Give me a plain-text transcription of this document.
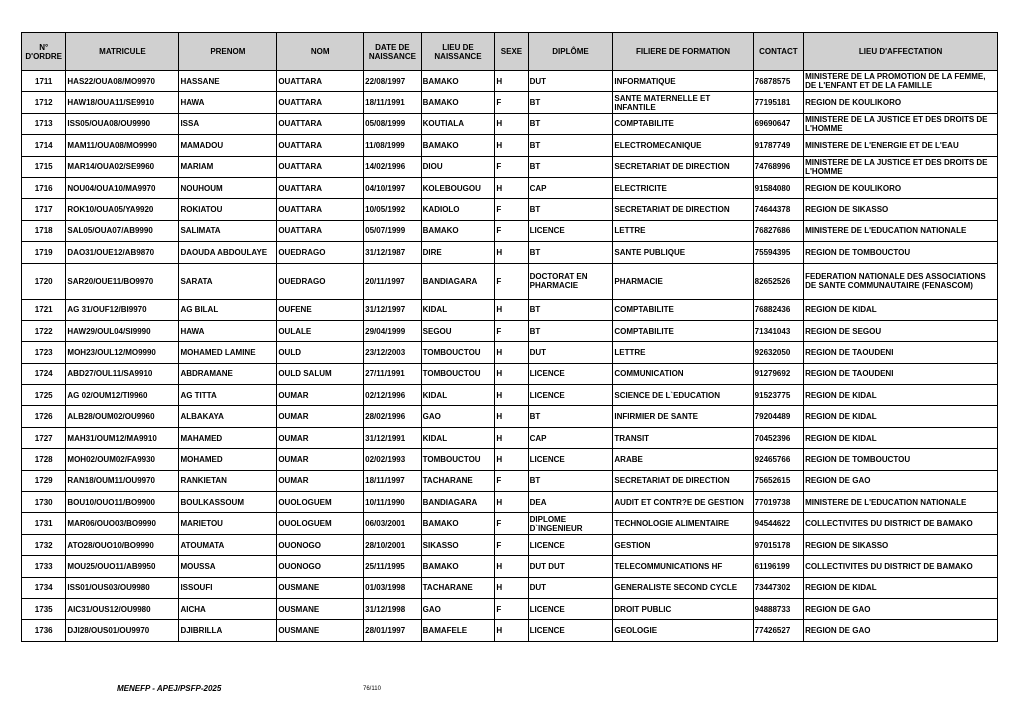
N° D'ORDRE	MATRICULE	PRENOM	NOM	DATE DE NAISSANCE	LIEU DE NAISSANCE	SEXE	DIPLÔME	FILIERE DE FORMATION	CONTACT	LIEU D'AFFECTATION
1711	HAS22/OUA08/MO9970	HASSANE	OUATTARA	22/08/1997	BAMAKO	H	DUT	INFORMATIQUE	76878575	MINISTERE DE LA PROMOTION DE LA FEMME, DE L'ENFANT ET DE LA FAMILLE
1712	HAW18/OUA11/SE9910	HAWA	OUATTARA	18/11/1991	BAMAKO	F	BT	SANTE MATERNELLE ET INFANTILE	77195181	REGION DE KOULIKORO
1713	ISS05/OUA08/OU9990	ISSA	OUATTARA	05/08/1999	KOUTIALA	H	BT	COMPTABILITE	69690647	MINISTERE DE LA JUSTICE ET DES DROITS DE L'HOMME
1714	MAM11/OUA08/MO9990	MAMADOU	OUATTARA	11/08/1999	BAMAKO	H	BT	ELECTROMECANIQUE	91787749	MINISTERE DE L'ENERGIE ET DE L'EAU
1715	MAR14/OUA02/SE9960	MARIAM	OUATTARA	14/02/1996	DIOU	F	BT	SECRETARIAT DE DIRECTION	74768996	MINISTERE DE LA JUSTICE ET DES DROITS DE L'HOMME
1716	NOU04/OUA10/MA9970	NOUHOUM	OUATTARA	04/10/1997	KOLEBOUGOU	H	CAP	ELECTRICITE	91584080	REGION DE KOULIKORO
1717	ROK10/OUA05/YA9920	ROKIATOU	OUATTARA	10/05/1992	KADIOLO	F	BT	SECRETARIAT DE DIRECTION	74644378	REGION DE SIKASSO
1718	SAL05/OUA07/AB9990	SALIMATA	OUATTARA	05/07/1999	BAMAKO	F	LICENCE	LETTRE	76827686	MINISTERE DE L'EDUCATION NATIONALE
1719	DAO31/OUE12/AB9870	DAOUDA ABDOULAYE	OUEDRAGO	31/12/1987	DIRE	H	BT	SANTE PUBLIQUE	75594395	REGION DE TOMBOUCTOU
1720	SAR20/OUE11/BO9970	SARATA	OUEDRAGO	20/11/1997	BANDIAGARA	F	DOCTORAT EN PHARMACIE	PHARMACIE	82652526	FEDERATION NATIONALE DES ASSOCIATIONS DE SANTE COMMUNAUTAIRE (FENASCOM)
1721	AG 31/OUF12/BI9970	AG BILAL	OUFENE	31/12/1997	KIDAL	H	BT	COMPTABILITE	76882436	REGION DE KIDAL
1722	HAW29/OUL04/SI9990	HAWA	OULALE	29/04/1999	SEGOU	F	BT	COMPTABILITE	71341043	REGION DE SEGOU
1723	MOH23/OUL12/MO9990	MOHAMED LAMINE	OULD	23/12/2003	TOMBOUCTOU	H	DUT	LETTRE	92632050	REGION DE TAOUDENI
1724	ABD27/OUL11/SA9910	ABDRAMANE	OULD SALUM	27/11/1991	TOMBOUCTOU	H	LICENCE	COMMUNICATION	91279692	REGION DE TAOUDENI
1725	AG 02/OUM12/TI9960	AG TITTA	OUMAR	02/12/1996	KIDAL	H	LICENCE	SCIENCE DE L`EDUCATION	91523775	REGION DE KIDAL
1726	ALB28/OUM02/OU9960	ALBAKAYA	OUMAR	28/02/1996	GAO	H	BT	INFIRMIER DE SANTE	79204489	REGION DE KIDAL
1727	MAH31/OUM12/MA9910	MAHAMED	OUMAR	31/12/1991	KIDAL	H	CAP	TRANSIT	70452396	REGION DE KIDAL
1728	MOH02/OUM02/FA9930	MOHAMED	OUMAR	02/02/1993	TOMBOUCTOU	H	LICENCE	ARABE	92465766	REGION DE TOMBOUCTOU
1729	RAN18/OUM11/OU9970	RANKIETAN	OUMAR	18/11/1997	TACHARANE	F	BT	SECRETARIAT DE DIRECTION	75652615	REGION DE GAO
1730	BOU10/OUO11/BO9900	BOULKASSOUM	OUOLOGUEM	10/11/1990	BANDIAGARA	H	DEA	AUDIT ET CONTR?E DE GESTION	77019738	MINISTERE DE L'EDUCATION NATIONALE
1731	MAR06/OUO03/BO9990	MARIETOU	OUOLOGUEM	06/03/2001	BAMAKO	F	DIPLOME D`INGENIEUR	TECHNOLOGIE ALIMENTAIRE	94544622	COLLECTIVITES DU DISTRICT DE BAMAKO
1732	ATO28/OUO10/BO9990	ATOUMATA	OUONOGO	28/10/2001	SIKASSO	F	LICENCE	GESTION	97015178	REGION DE SIKASSO
1733	MOU25/OUO11/AB9950	MOUSSA	OUONOGO	25/11/1995	BAMAKO	H	DUT DUT	TELECOMMUNICATIONS HF	61196199	COLLECTIVITES DU DISTRICT DE BAMAKO
1734	ISS01/OUS03/OU9980	ISSOUFI	OUSMANE	01/03/1998	TACHARANE	H	DUT	GENERALISTE SECOND CYCLE	73447302	REGION DE KIDAL
1735	AIC31/OUS12/OU9980	AICHA	OUSMANE	31/12/1998	GAO	F	LICENCE	DROIT PUBLIC	94888733	REGION DE GAO
1736	DJI28/OUS01/OU9970	DJIBRILLA	OUSMANE	28/01/1997	BAMAFELE	H	LICENCE	GEOLOGIE	77426527	REGION DE GAO
MENEFP - APEJ/PSFP-2025	76/110
